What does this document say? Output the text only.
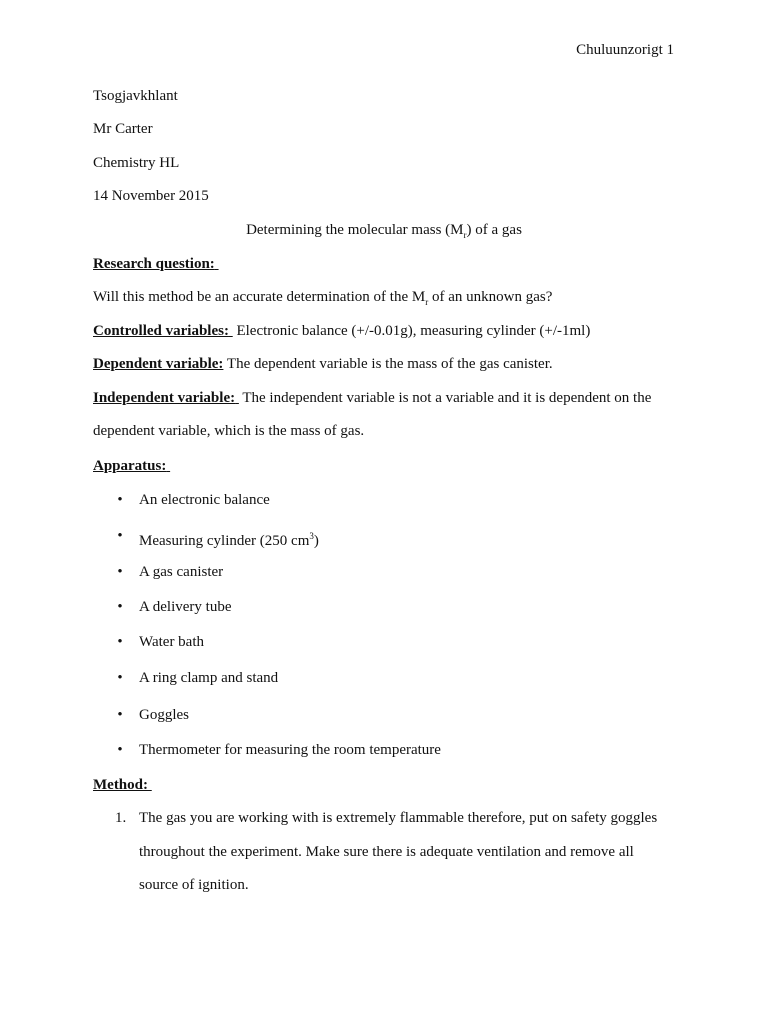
Chuluunzorigt 1
Tsogjavkhlant
Mr Carter
Chemistry HL
14 November 2015
Determining the molecular mass $(M_r)$ of a gas
Research question:
Will this method be an accurate determination of the $M_r$ of an unknown gas?
Controlled variables: Electronic balance (+/-0.01g), measuring cylinder (+/-1ml)
Dependent variable: The dependent variable is the mass of the gas canister.
Independent variable: The independent variable is not a variable and it is dependent on the
dependent variable, which is the mass of gas.
Apparatus:
• An electronic balance
• Measuring cylinder (250 $cm^3$)
• A gas canister
• A delivery tube
• Water bath
• A ring clamp and stand
• Goggles
• Thermometer for measuring the room temperature
Method:
1. The gas you are working with is extremely flammable therefore, put on safety goggles
throughout the experiment. Make sure there is adequate ventilation and remove all
source of ignition.
